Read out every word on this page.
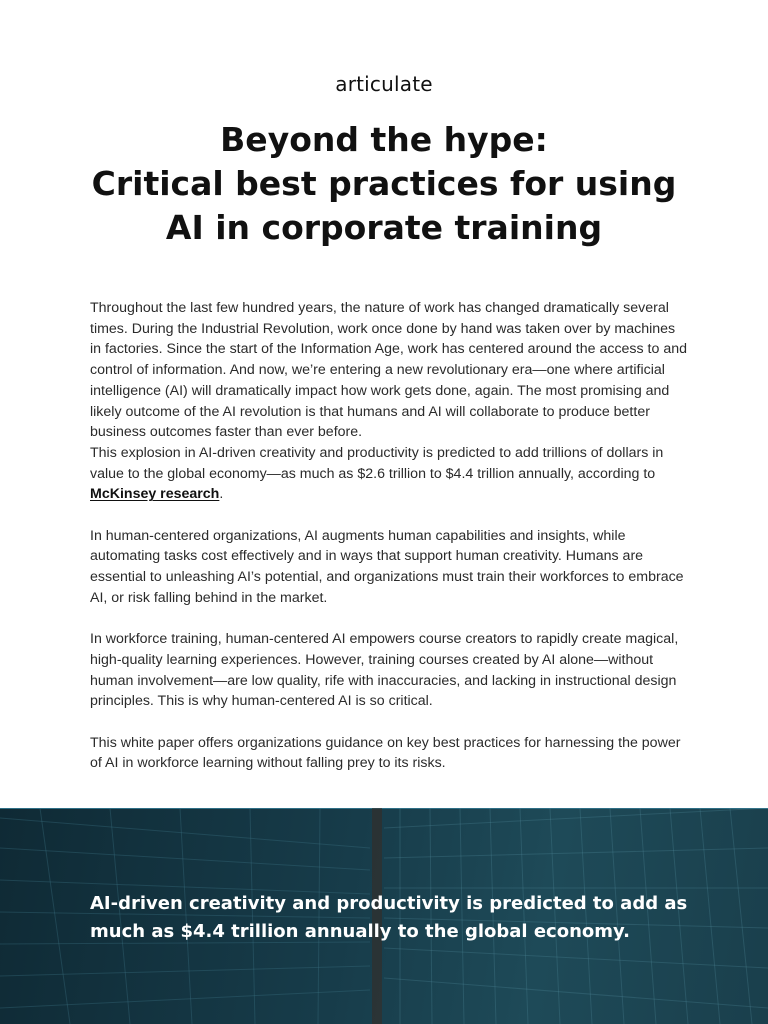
articulate
Beyond the hype:
Critical best practices for using
AI in corporate training
Throughout the last few hundred years, the nature of work has changed dramatically several times. During the Industrial Revolution, work once done by hand was taken over by machines in factories. Since the start of the Information Age, work has centered around the access to and control of information. And now, we’re entering a new revolutionary era—one where artificial intelligence (AI) will dramatically impact how work gets done, again. The most promising and likely outcome of the AI revolution is that humans and AI will collaborate to produce better business outcomes faster than ever before.

This explosion in AI-driven creativity and productivity is predicted to add trillions of dollars in value to the global economy—as much as $2.6 trillion to $4.4 trillion annually, according to McKinsey research.

In human-centered organizations, AI augments human capabilities and insights, while automating tasks cost effectively and in ways that support human creativity. Humans are essential to unleashing AI’s potential, and organizations must train their workforces to embrace AI, or risk falling behind in the market.

In workforce training, human-centered AI empowers course creators to rapidly create magical, high-quality learning experiences. However, training courses created by AI alone—without human involvement—are low quality, rife with inaccuracies, and lacking in instructional design principles. This is why human-centered AI is so critical.

This white paper offers organizations guidance on key best practices for harnessing the power of AI in workforce learning without falling prey to its risks.

AI-driven creativity and productivity is predicted to add as much as $4.4 trillion annually to the global economy.
